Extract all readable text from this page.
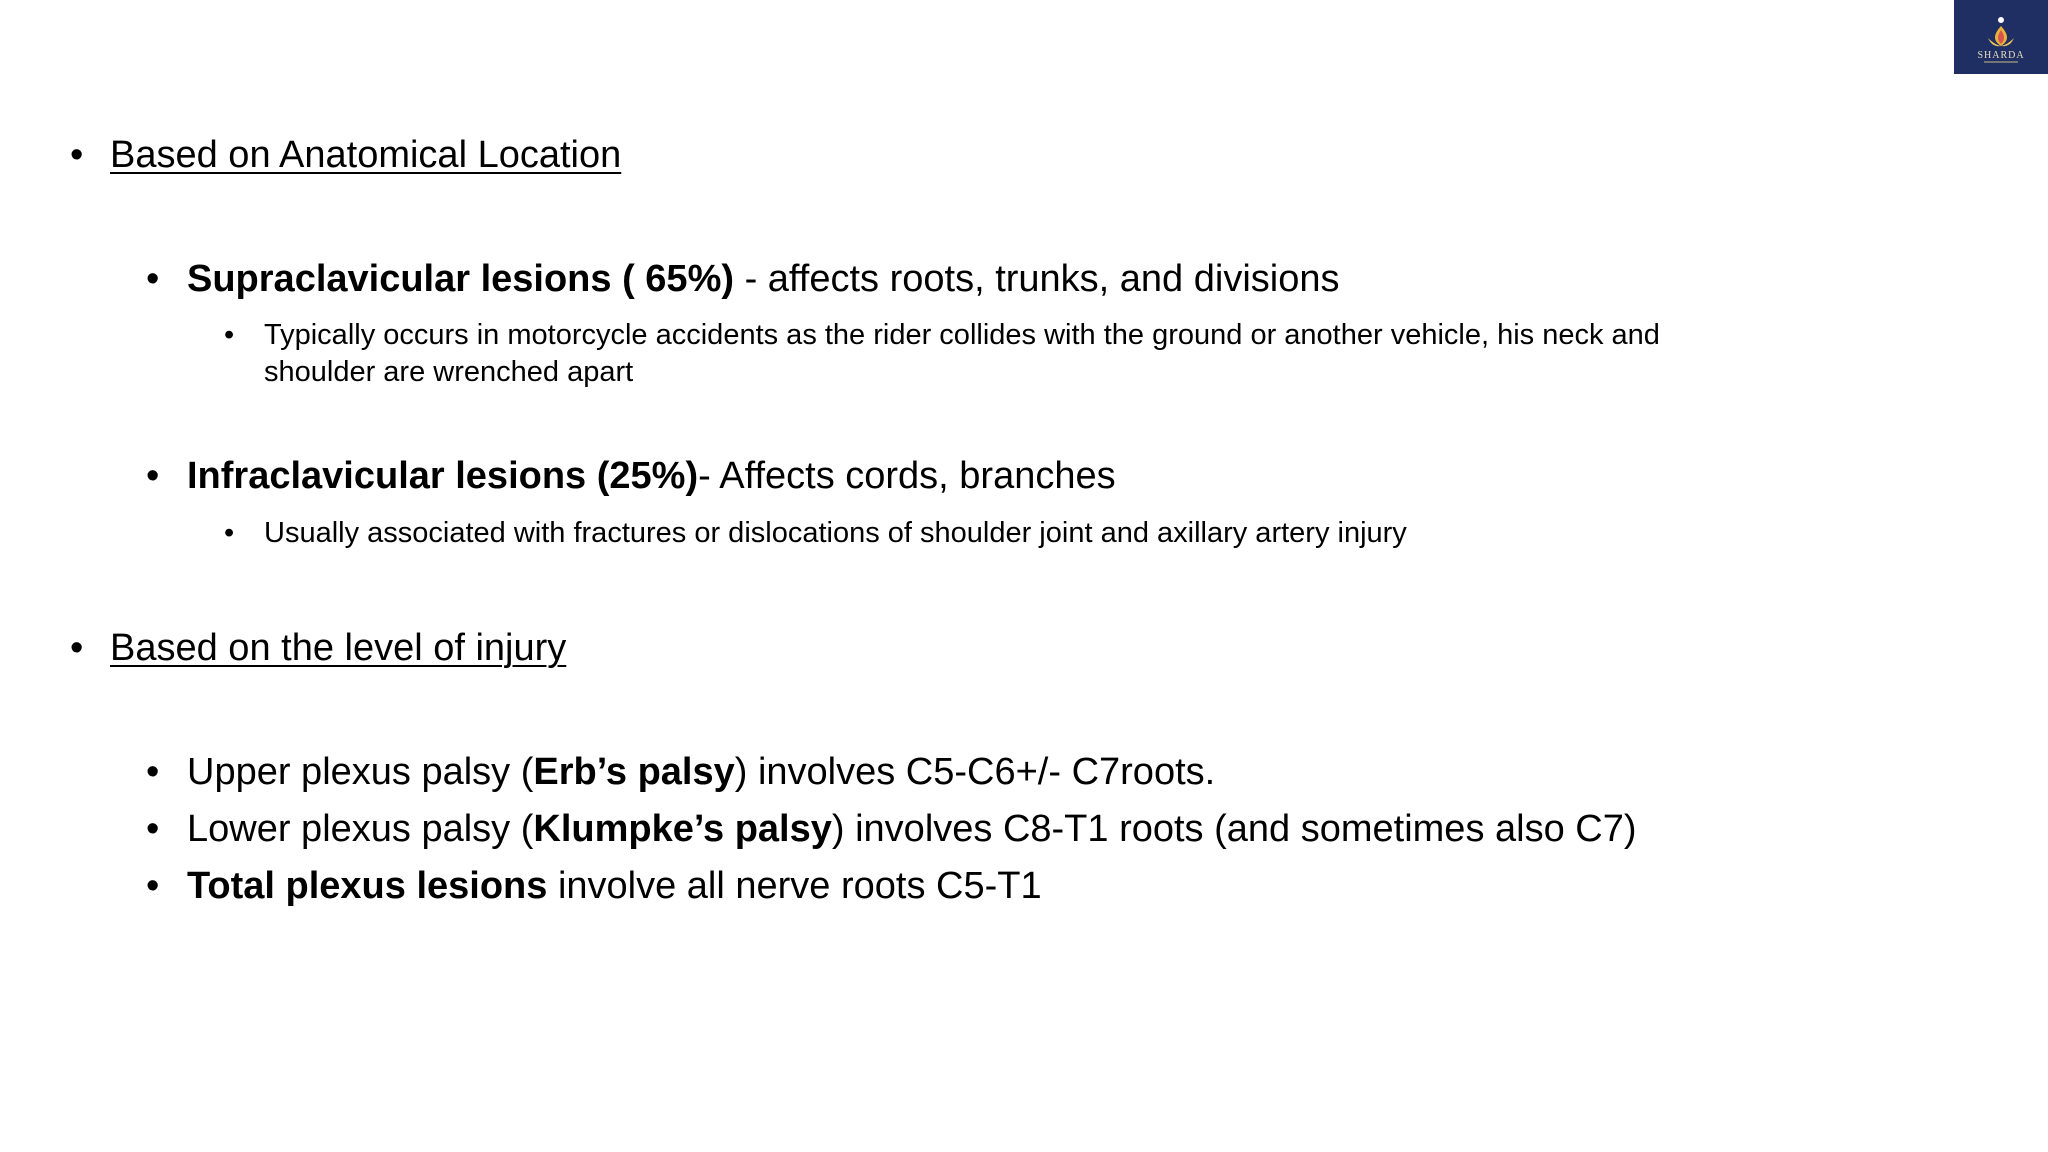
SHARDA
• Based on Anatomical Location
• Supraclavicular lesions ( 65%) - affects roots, trunks, and divisions
• Typically occurs in motorcycle accidents as the rider collides with the ground or another vehicle, his neck and
shoulder are wrenched apart
• Infraclavicular lesions (25%)- Affects cords, branches
• Usually associated with fractures or dislocations of shoulder joint and axillary artery injury
• Based on the level of injury
• Upper plexus palsy (Erb’s palsy) involves C5-C6+/- C7roots.
• Lower plexus palsy (Klumpke’s palsy) involves C8-T1 roots (and sometimes also C7)
• Total plexus lesions involve all nerve roots C5-T1
